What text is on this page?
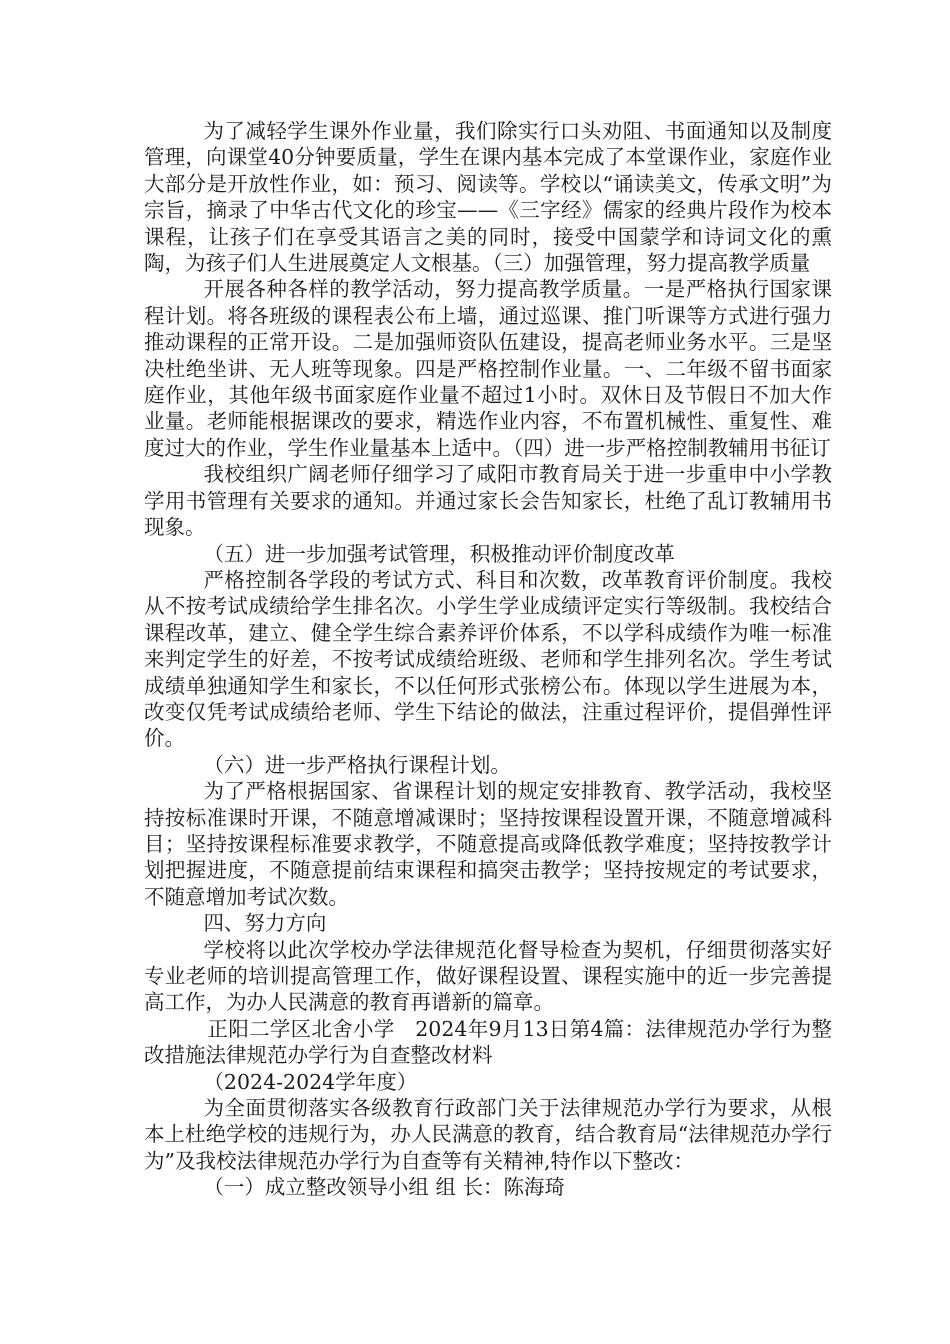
为了减轻学生课外作业量，我们除实行口头劝阻、书面通知以及制度管理，向课堂40分钟要质量，学生在课内基本完成了本堂课作业，家庭作业大部分是开放性作业，如：预习、阅读等。学校以“诵读美文，传承文明”为宗旨，摘录了中华古代文化的珍宝——《三字经》儒家的经典片段作为校本课程，让孩子们在享受其语言之美的同时，接受中国蒙学和诗词文化的熏陶，为孩子们人生进展奠定人文根基。（三）加强管理，努力提高教学质量

开展各种各样的教学活动，努力提高教学质量。一是严格执行国家课程计划。将各班级的课程表公布上墙，通过巡课、推门听课等方式进行强力推动课程的正常开设。二是加强师资队伍建设，提高老师业务水平。三是坚决杜绝坐讲、无人班等现象。四是严格控制作业量。一、二年级不留书面家庭作业，其他年级书面家庭作业量不超过1小时。双休日及节假日不加大作业量。老师能根据课改的要求，精选作业内容，不布置机械性、重复性、难度过大的作业，学生作业量基本上适中。（四）进一步严格控制教辅用书征订

我校组织广阔老师仔细学习了咸阳市教育局关于进一步重申中小学教学用书管理有关要求的通知。并通过家长会告知家长，杜绝了乱订教辅用书现象。

（五）进一步加强考试管理，积极推动评价制度改革

严格控制各学段的考试方式、科目和次数，改革教育评价制度。我校从不按考试成绩给学生排名次。小学生学业成绩评定实行等级制。我校结合课程改革，建立、健全学生综合素养评价体系，不以学科成绩作为唯一标准来判定学生的好差，不按考试成绩给班级、老师和学生排列名次。学生考试成绩单独通知学生和家长，不以任何形式张榜公布。体现以学生进展为本，改变仅凭考试成绩给老师、学生下结论的做法，注重过程评价，提倡弹性评价。

（六）进一步严格执行课程计划。

为了严格根据国家、省课程计划的规定安排教育、教学活动，我校坚持按标准课时开课，不随意增减课时；坚持按课程设置开课，不随意增减科目；坚持按课程标准要求教学，不随意提高或降低教学难度；坚持按教学计划把握进度，不随意提前结束课程和搞突击教学；坚持按规定的考试要求，不随意增加考试次数。

四、努力方向

学校将以此次学校办学法律规范化督导检查为契机，仔细贯彻落实好专业老师的培训提高管理工作，做好课程设置、课程实施中的近一步完善提高工作，为办人民满意的教育再谱新的篇章。

正阳二学区北舍小学　2024年9月13日第4篇：法律规范办学行为整改措施法律规范办学行为自查整改材料

（2024-2024学年度）

为全面贯彻落实各级教育行政部门关于法律规范办学行为要求，从根本上杜绝学校的违规行为，办人民满意的教育，结合教育局“法律规范办学行为”及我校法律规范办学行为自查等有关精神,特作以下整改：

（一）成立整改领导小组 组 长：陈海琦
